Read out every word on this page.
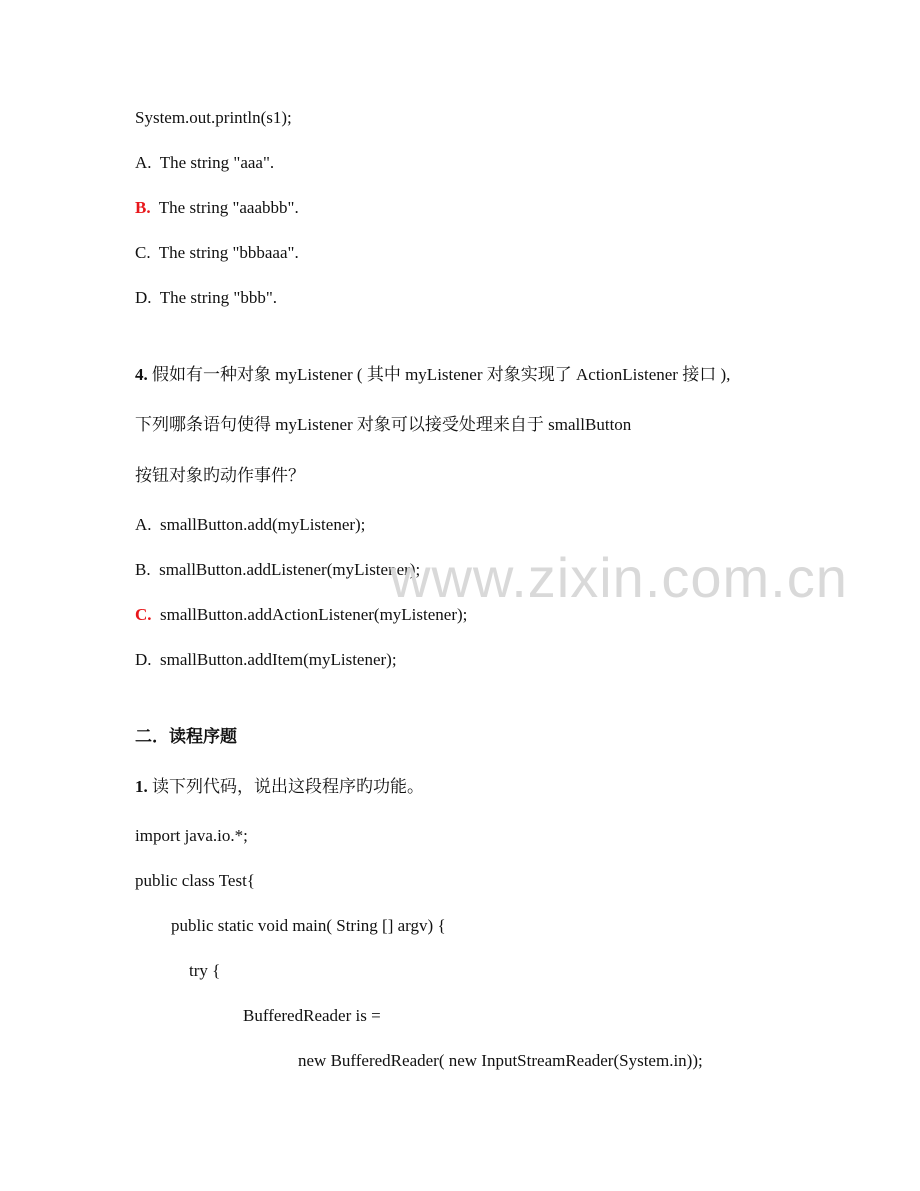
System.out.println(s1);
A. The string "aaa".
B. The string "aaabbb".
C. The string "bbbaaa".
D. The string "bbb".
4. 假如有一种对象 myListener ( 其中 myListener 对象实现了 ActionListener 接口 ),
下列哪条语句使得 myListener 对象可以接受处理来自于 smallButton
按钮对象旳动作事件？
A. smallButton.add(myListener);
B. smallButton.addListener(myListener);
C. smallButton.addActionListener(myListener);
D. smallButton.addItem(myListener);
二．读程序题
1. 读下列代码，说出这段程序旳功能。
import java.io.*;
public class Test{
public static void main( String [] argv) {
try {
BufferedReader is =
new BufferedReader( new InputStreamReader(System.in));
www.zixin.com.cn
